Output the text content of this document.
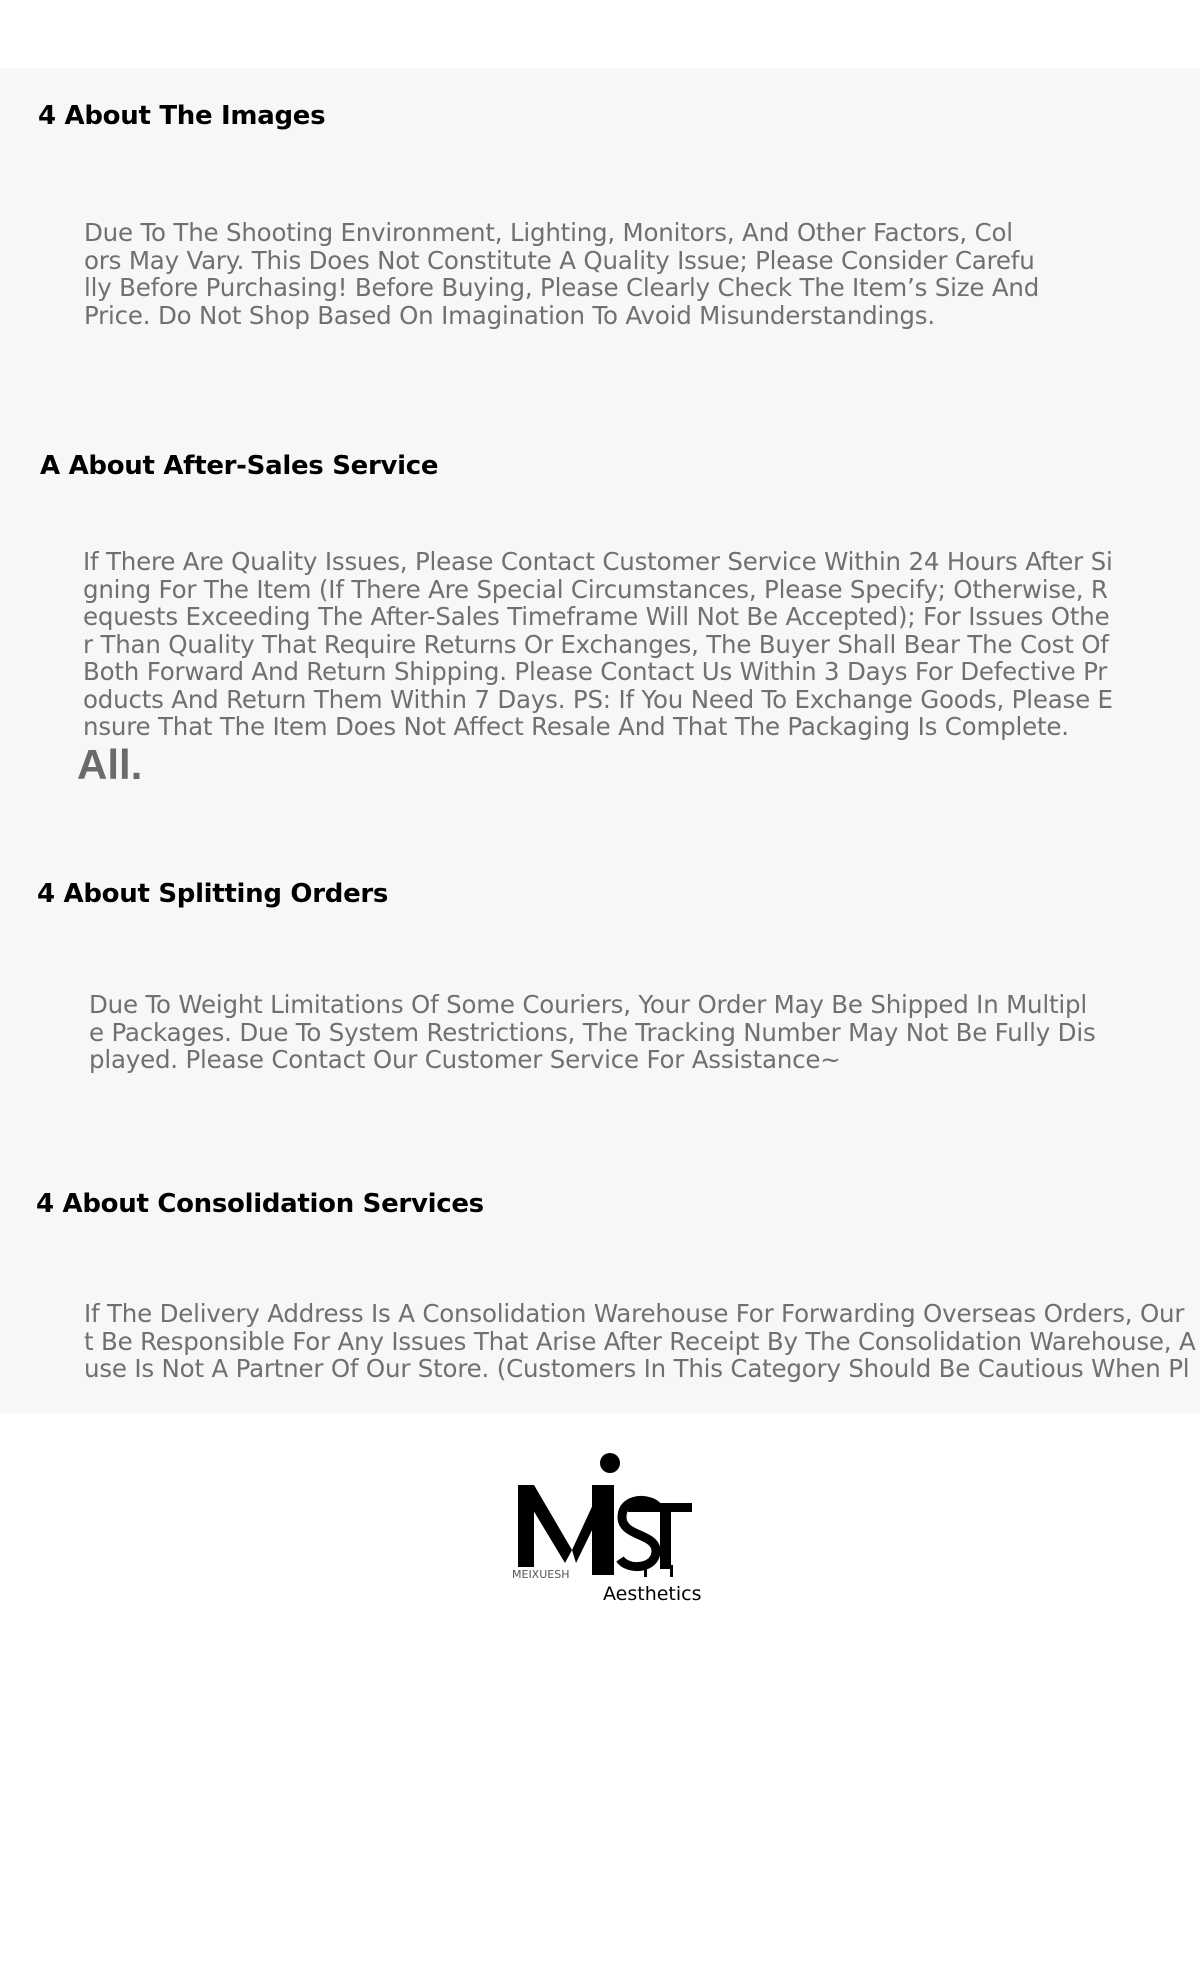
4 About The Images
Due To The Shooting Environment, Lighting, Monitors, And Other Factors, Col
ors May Vary. This Does Not Constitute A Quality Issue; Please Consider Carefu
lly Before Purchasing! Before Buying, Please Clearly Check The Item’s Size And
Price. Do Not Shop Based On Imagination To Avoid Misunderstandings.
A About After-Sales Service
If There Are Quality Issues, Please Contact Customer Service Within 24 Hours After Si
gning For The Item (If There Are Special Circumstances, Please Specify; Otherwise, R
equests Exceeding The After-Sales Timeframe Will Not Be Accepted); For Issues Othe
r Than Quality That Require Returns Or Exchanges, The Buyer Shall Bear The Cost Of
Both Forward And Return Shipping. Please Contact Us Within 3 Days For Defective Pr
oducts And Return Them Within 7 Days. PS: If You Need To Exchange Goods, Please E
nsure That The Item Does Not Affect Resale And That The Packaging Is Complete.
All.
4 About Splitting Orders
Due To Weight Limitations Of Some Couriers, Your Order May Be Shipped In Multipl
e Packages. Due To System Restrictions, The Tracking Number May Not Be Fully Dis
played. Please Contact Our Customer Service For Assistance~
4 About Consolidation Services
If The Delivery Address Is A Consolidation Warehouse For Forwarding Overseas Orders, Our
t Be Responsible For Any Issues That Arise After Receipt By The Consolidation Warehouse, A
use Is Not A Partner Of Our Store. (Customers In This Category Should Be Cautious When Pl
MEIXUESH
Aesthetics
